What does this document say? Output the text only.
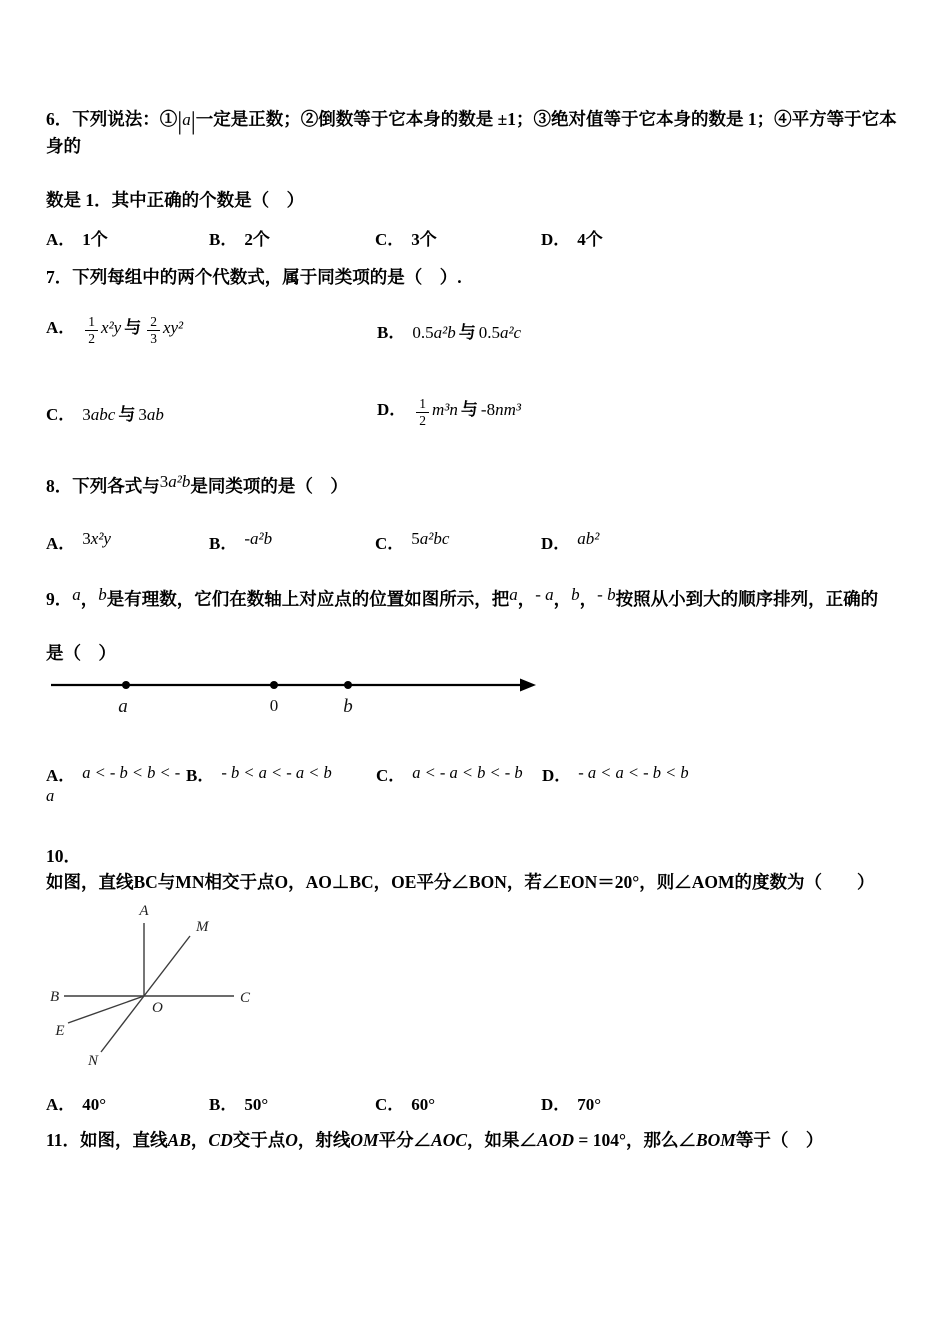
6．下列说法：①|a|一定是正数；②倒数等于它本身的数是 ±1；③绝对值等于它本身的数是 1；④平方等于它本身的

数是 1．其中正确的个数是（　）

A． 1个	B． 2个	C． 3个	D． 4个

7．下列每组中的两个代数式，属于同类项的是（　）.

A． $\frac{1}{2} x^2y$ 与 $\frac{2}{3} xy^2$	B． 0.5a²b 与 0.5a²c
C． 3abc 与 3ab	D． $\frac{1}{2} m^3n$ 与 -8nm³

8．下列各式与3a²b是同类项的是（　）

A． 3x²y	B． -a²b	C． 5a²bc	D． ab²

9．a，b是有理数，它们在数轴上对应点的位置如图所示，把a，- a，b，- b按照从小到大的顺序排列，正确的

是（　）

a	0	b
A． a < - b < b < - a
B． - b < a < - a < b	C． a < - a < b < - b	D． - a < a < - b < b

10．如图，直线BC与MN相交于点O，AO⊥BC，OE平分∠BON，若∠EON＝20°，则∠AOM的度数为（　　）

A
M
B	C
O
E
N
A． 40°	B． 50°	C． 60°	D． 70°

11．如图，直线AB，CD交于点O，射线OM平分∠AOC，如果∠AOD = 104°，那么∠BOM等于（　）
